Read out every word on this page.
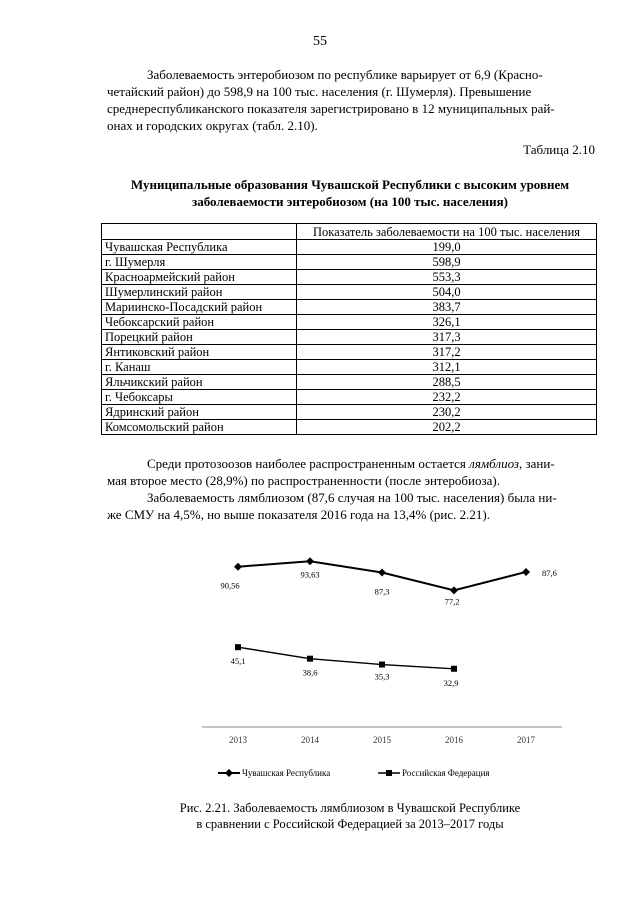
55
Заболеваемость энтеробиозом по республике варьирует от 6,9 (Красно-
четайский район) до 598,9 на 100 тыс. населения (г. Шумерля). Превышение
среднереспубликанского показателя зарегистрировано в 12 муниципальных рай-
онах и городских округах (табл. 2.10).
Таблица 2.10
Муниципальные образования Чувашской Республики с высоким уровнем
заболеваемости энтеробиозом (на 100 тыс. населения)
	Показатель заболеваемости на 100 тыс. населения
Чувашская Республика	199,0
г. Шумерля	598,9
Красноармейский район	553,3
Шумерлинский район	504,0
Мариинско-Посадский район	383,7
Чебоксарский район	326,1
Порецкий район	317,3
Янтиковский район	317,2
г. Канаш	312,1
Яльчикский район	288,5
г. Чебоксары	232,2
Ядринский район	230,2
Комсомольский район	202,2
Среди протозоозов наиболее распространенным остается лямблиоз, зани-
мая второе место (28,9%) по распространенности (после энтеробиоза).
Заболеваемость лямблиозом (87,6 случая на 100 тыс. населения) была ни-
же СМУ на 4,5%, но выше показателя 2016 года на 13,4% (рис. 2.21).
2013	2014	2015	2016	2017
90,56
93,63
87,3
77,2
87,6
45,1
38,6	35,3
32,9
Чувашская Республика	Российская Федерация
Рис. 2.21. Заболеваемость лямблиозом в Чувашской Республике
в сравнении с Российской Федерацией за 2013–2017 годы
